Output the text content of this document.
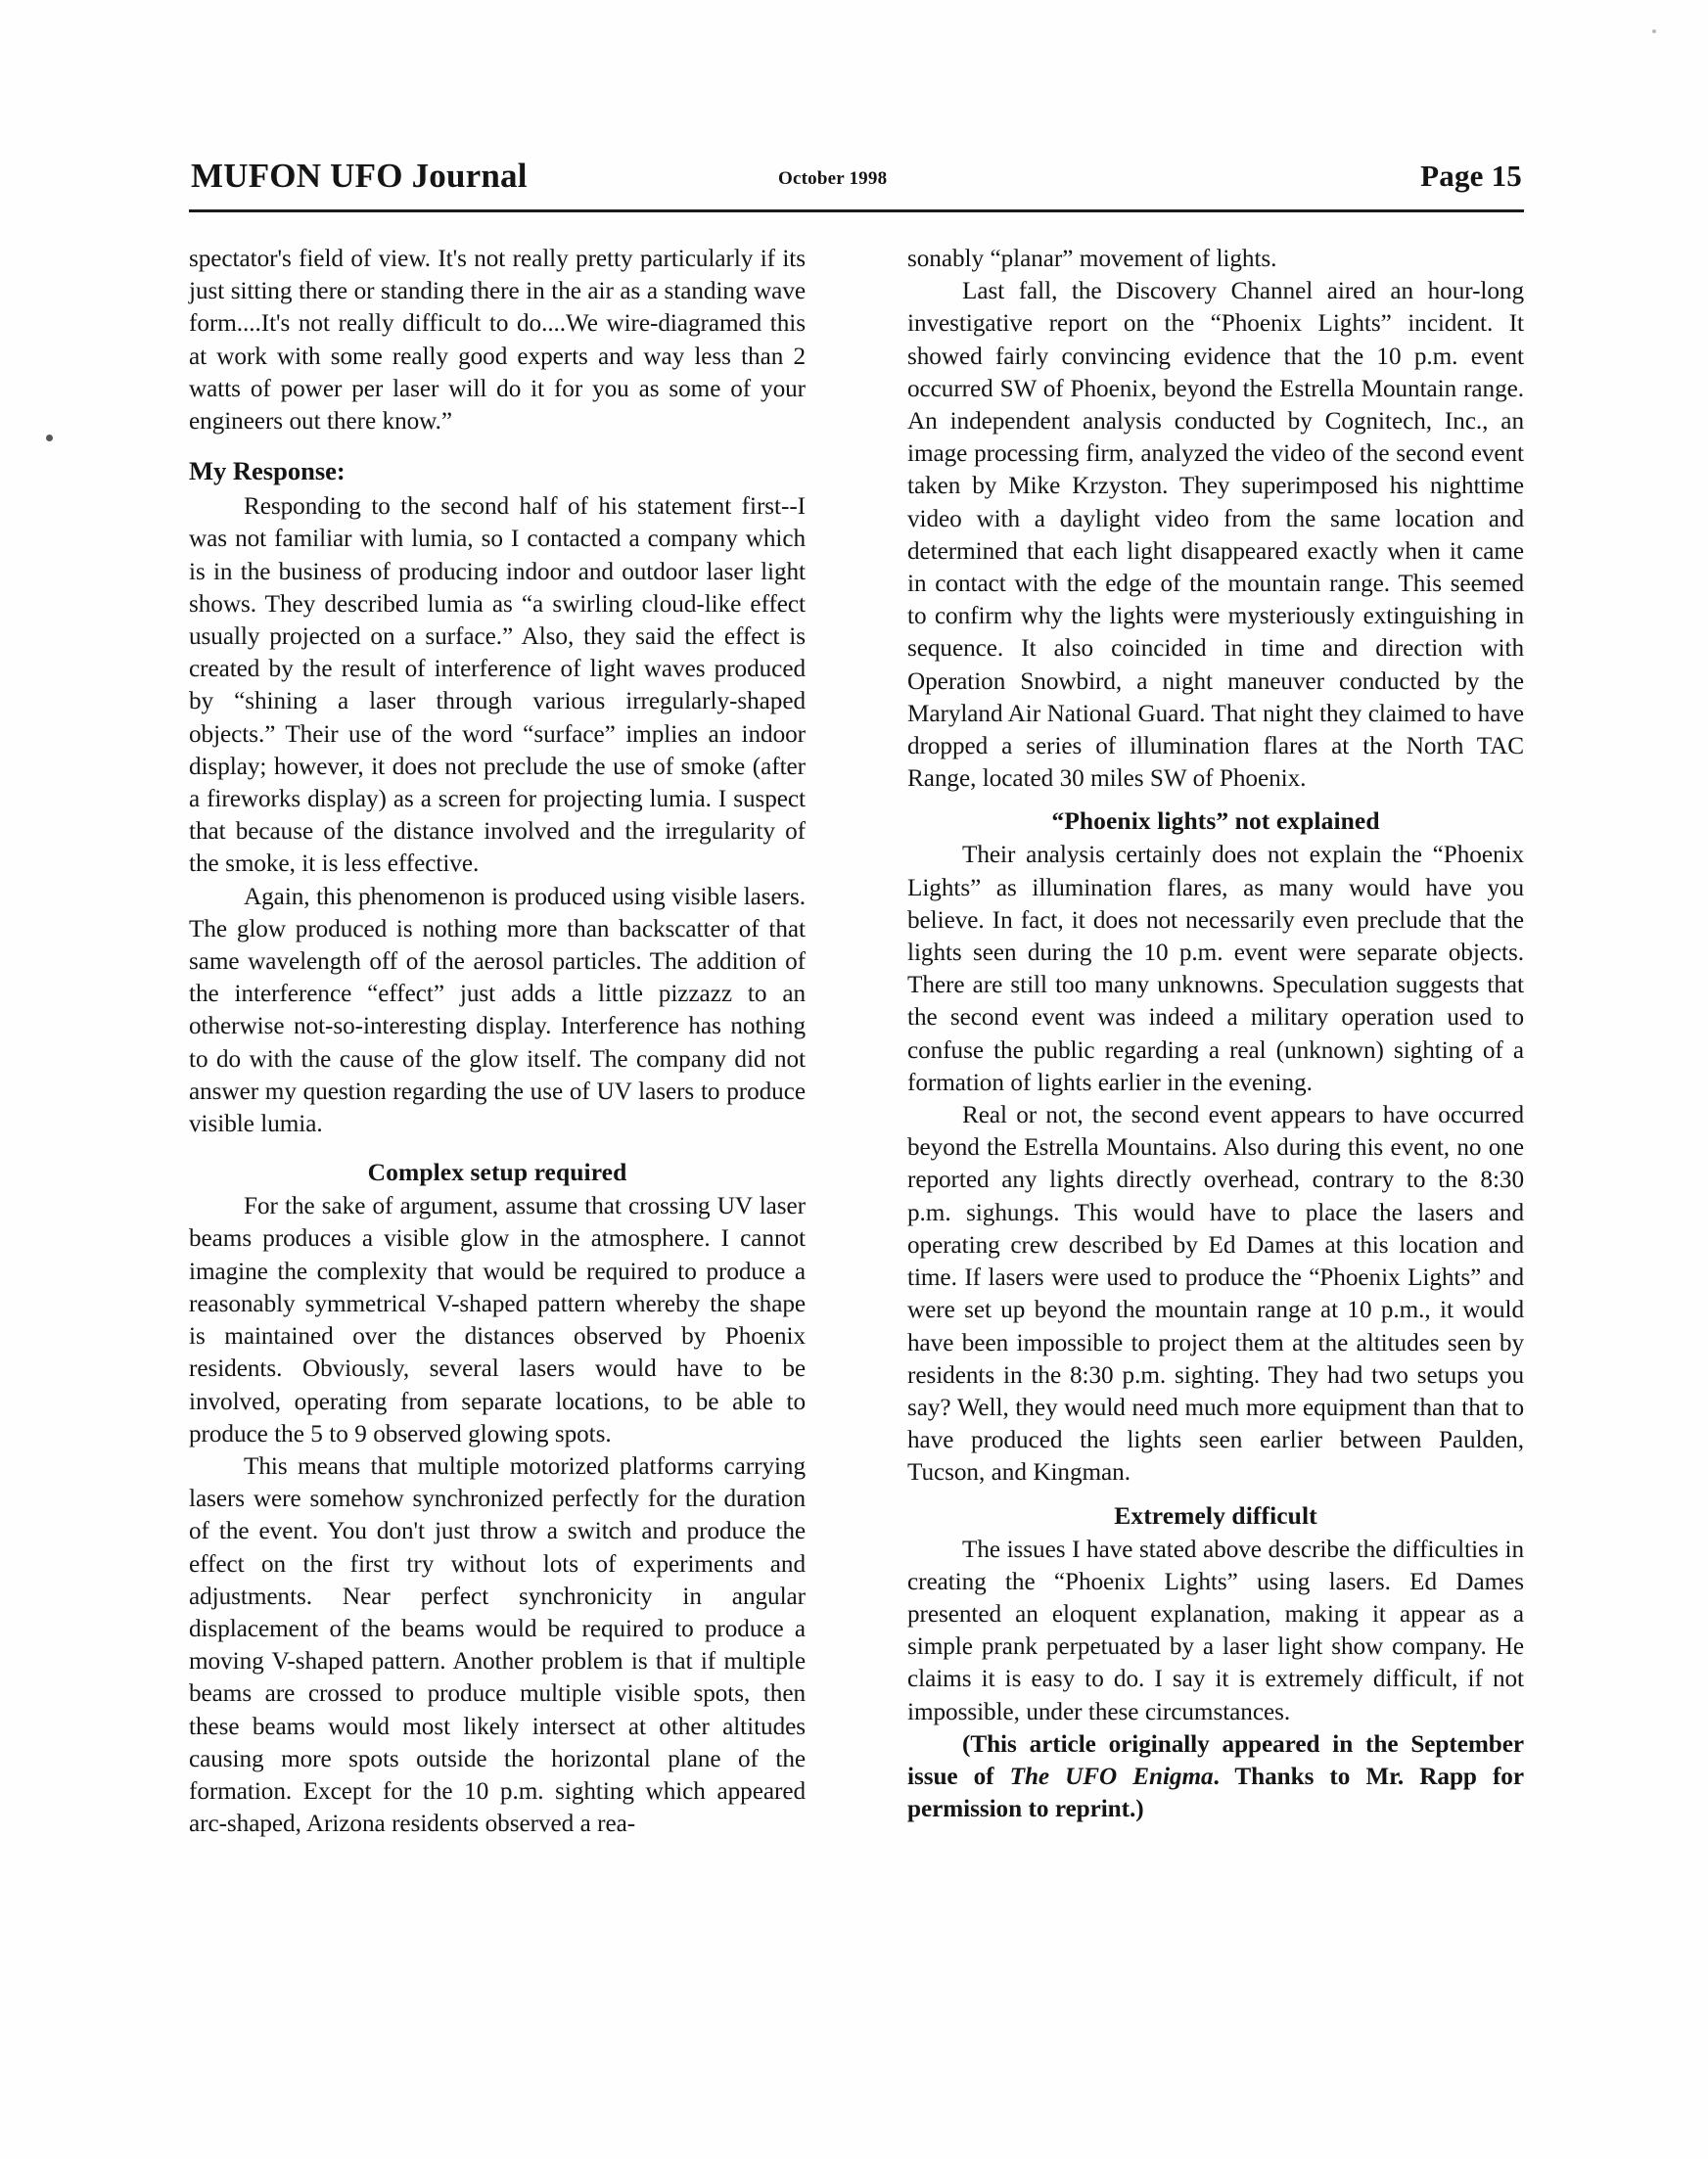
MUFON UFO Journal	October 1998	Page 15

spectator's field of view. It's not really pretty particularly if its just sitting there or standing there in the air as a standing wave form....It's not really difficult to do....We wire-diagramed this at work with some really good experts and way less than 2 watts of power per laser will do it for you as some of your engineers out there know.”

My Response:

Responding to the second half of his statement first--I was not familiar with lumia, so I contacted a company which is in the business of producing indoor and outdoor laser light shows. They described lumia as “a swirling cloud-like effect usually projected on a surface.” Also, they said the effect is created by the result of interference of light waves produced by “shining a laser through various irregularly-shaped objects.” Their use of the word “surface” implies an indoor display; however, it does not preclude the use of smoke (after a fireworks display) as a screen for projecting lumia. I suspect that because of the distance involved and the irregularity of the smoke, it is less effective.

Again, this phenomenon is produced using visible lasers. The glow produced is nothing more than backscatter of that same wavelength off of the aerosol particles. The addition of the interference “effect” just adds a little pizzazz to an otherwise not-so-interesting display. Interference has nothing to do with the cause of the glow itself. The company did not answer my question regarding the use of UV lasers to produce visible lumia.

Complex setup required

For the sake of argument, assume that crossing UV laser beams produces a visible glow in the atmosphere. I cannot imagine the complexity that would be required to produce a reasonably symmetrical V-shaped pattern whereby the shape is maintained over the distances observed by Phoenix residents. Obviously, several lasers would have to be involved, operating from separate locations, to be able to produce the 5 to 9 observed glowing spots.

This means that multiple motorized platforms carrying lasers were somehow synchronized perfectly for the duration of the event. You don't just throw a switch and produce the effect on the first try without lots of experiments and adjustments. Near perfect synchronicity in angular displacement of the beams would be required to produce a moving V-shaped pattern. Another problem is that if multiple beams are crossed to produce multiple visible spots, then these beams would most likely intersect at other altitudes causing more spots outside the horizontal plane of the formation. Except for the 10 p.m. sighting which appeared arc-shaped, Arizona residents observed a rea-

sonably “planar” movement of lights.

Last fall, the Discovery Channel aired an hour-long investigative report on the “Phoenix Lights” incident. It showed fairly convincing evidence that the 10 p.m. event occurred SW of Phoenix, beyond the Estrella Mountain range. An independent analysis conducted by Cognitech, Inc., an image processing firm, analyzed the video of the second event taken by Mike Krzyston. They superimposed his nighttime video with a daylight video from the same location and determined that each light disappeared exactly when it came in contact with the edge of the mountain range. This seemed to confirm why the lights were mysteriously extinguishing in sequence. It also coincided in time and direction with Operation Snowbird, a night maneuver conducted by the Maryland Air National Guard. That night they claimed to have dropped a series of illumination flares at the North TAC Range, located 30 miles SW of Phoenix.

“Phoenix lights” not explained

Their analysis certainly does not explain the “Phoenix Lights” as illumination flares, as many would have you believe. In fact, it does not necessarily even preclude that the lights seen during the 10 p.m. event were separate objects. There are still too many unknowns. Speculation suggests that the second event was indeed a military operation used to confuse the public regarding a real (unknown) sighting of a formation of lights earlier in the evening.

Real or not, the second event appears to have occurred beyond the Estrella Mountains. Also during this event, no one reported any lights directly overhead, contrary to the 8:30 p.m. sighungs. This would have to place the lasers and operating crew described by Ed Dames at this location and time. If lasers were used to produce the “Phoenix Lights” and were set up beyond the mountain range at 10 p.m., it would have been impossible to project them at the altitudes seen by residents in the 8:30 p.m. sighting. They had two setups you say? Well, they would need much more equipment than that to have produced the lights seen earlier between Paulden, Tucson, and Kingman.

Extremely difficult

The issues I have stated above describe the difficulties in creating the “Phoenix Lights” using lasers. Ed Dames presented an eloquent explanation, making it appear as a simple prank perpetuated by a laser light show company. He claims it is easy to do. I say it is extremely difficult, if not impossible, under these circumstances.

(This article originally appeared in the September issue of The UFO Enigma. Thanks to Mr. Rapp for permission to reprint.)
